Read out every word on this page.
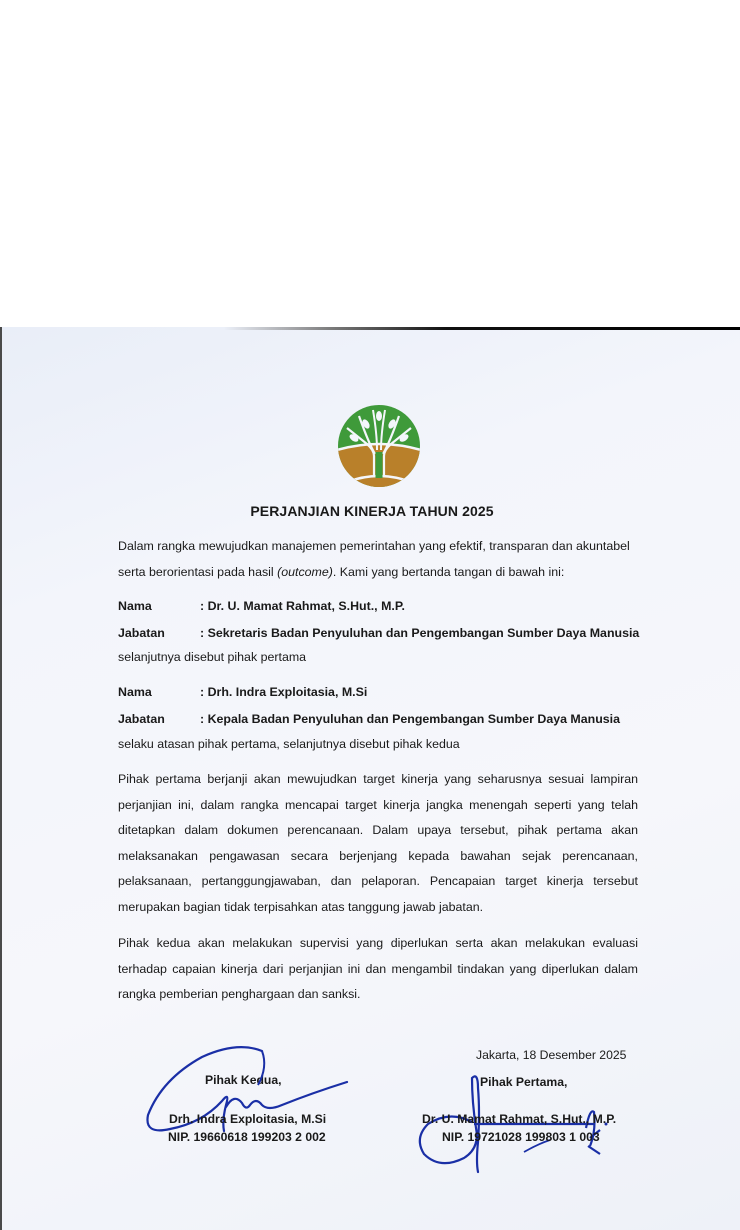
PERJANJIAN KINERJA TAHUN 2025
Dalam rangka mewujudkan manajemen pemerintahan yang efektif, transparan dan akuntabel serta berorientasi pada hasil (outcome). Kami yang bertanda tangan di bawah ini:
Nama	: Dr. U. Mamat Rahmat, S.Hut., M.P.
Jabatan	: Sekretaris Badan Penyuluhan dan Pengembangan Sumber Daya Manusia
selanjutnya disebut pihak pertama
Nama	: Drh. Indra Exploitasia, M.Si
Jabatan	: Kepala Badan Penyuluhan dan Pengembangan Sumber Daya Manusia
selaku atasan pihak pertama, selanjutnya disebut pihak kedua
Pihak pertama berjanji akan mewujudkan target kinerja yang seharusnya sesuai lampiran perjanjian ini, dalam rangka mencapai target kinerja jangka menengah seperti yang telah ditetapkan dalam dokumen perencanaan. Dalam upaya tersebut, pihak pertama akan melaksanakan pengawasan secara berjenjang kepada bawahan sejak perencanaan, pelaksanaan, pertanggungjawaban, dan pelaporan. Pencapaian target kinerja tersebut merupakan bagian tidak terpisahkan atas tanggung jawab jabatan.
Pihak kedua akan melakukan supervisi yang diperlukan serta akan melakukan evaluasi terhadap capaian kinerja dari perjanjian ini dan mengambil tindakan yang diperlukan dalam rangka pemberian penghargaan dan sanksi.
Jakarta, 18 Desember 2025
Pihak Kedua,
Drh. Indra Exploitasia, M.Si
NIP. 19660618 199203 2 002
Pihak Pertama,
Dr. U. Mamat Rahmat, S.Hut., M.P.
NIP. 19721028 199803 1 003
